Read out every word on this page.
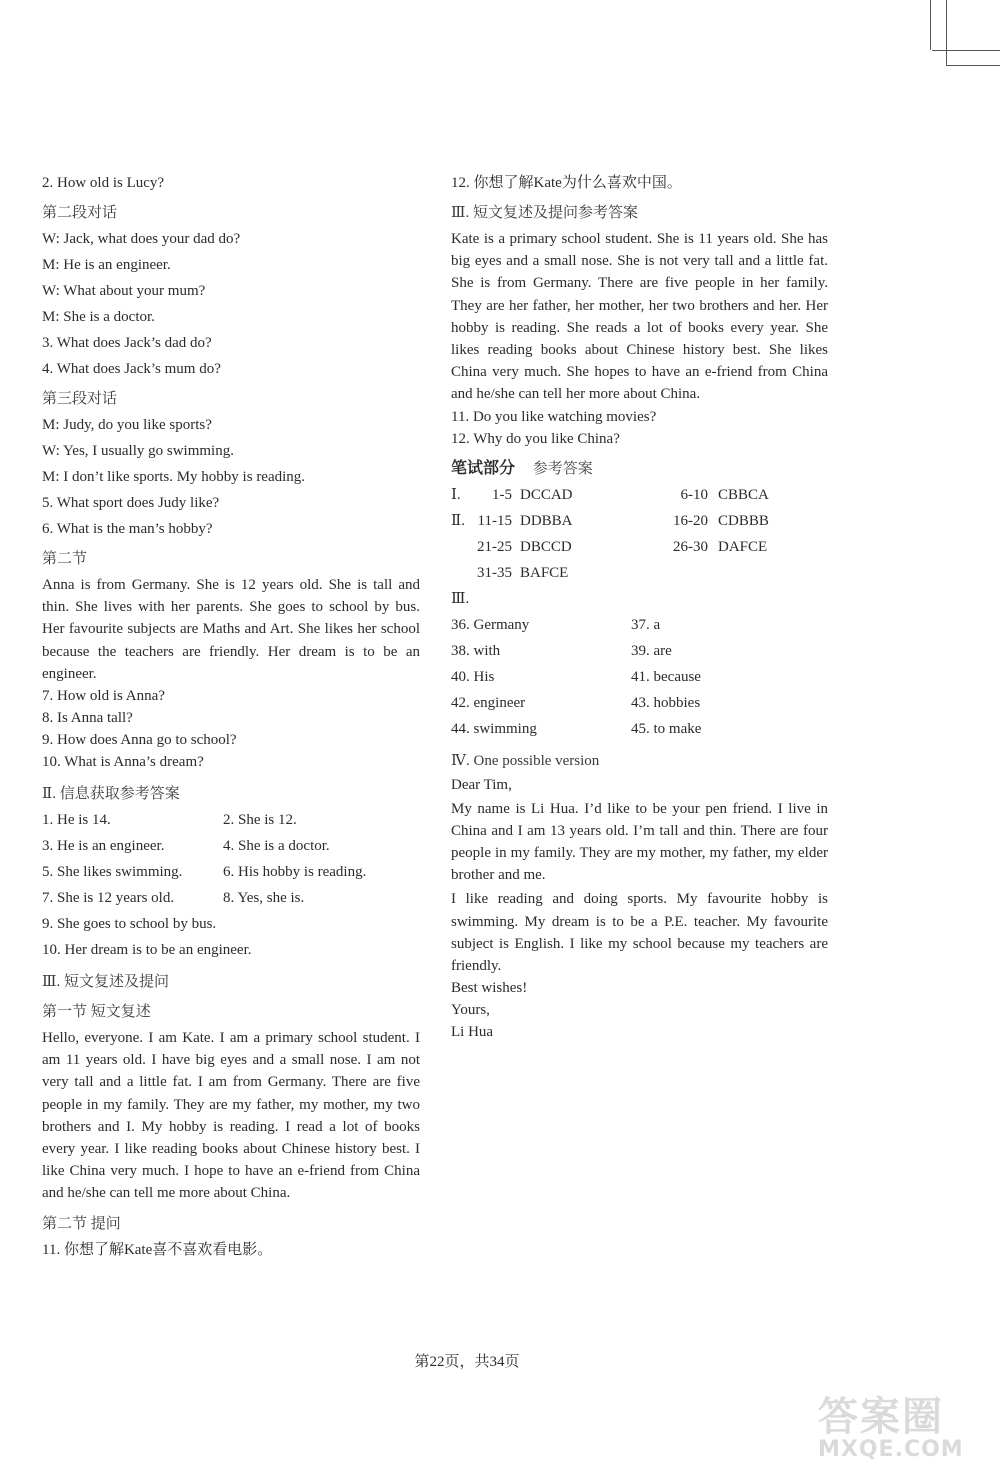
2. How old is Lucy?
第二段对话
W: Jack, what does your dad do?
M: He is an engineer.
W: What about your mum?
M: She is a doctor.
3. What does Jack’s dad do?
4. What does Jack’s mum do?
第三段对话
M: Judy, do you like sports?
W: Yes, I usually go swimming.
M: I don’t like sports. My hobby is reading.
5. What sport does Judy like?
6. What is the man’s hobby?
第二节

Anna is from Germany. She is 12 years old. She is tall and thin. She lives with her parents. She goes to school by bus. Her favourite subjects are Maths and Art. She likes her school because the teachers are friendly. Her dream is to be an engineer.

7. How old is Anna?
8. Is Anna tall?
9. How does Anna go to school?
10. What is Anna’s dream?
Ⅱ. 信息获取参考答案
1. He is 14.	2. She is 12.
3. He is an engineer.	4. She is a doctor.
5. She likes swimming.	6. His hobby is reading.
7. She is 12 years old.	8. Yes, she is.
9. She goes to school by bus.
10. Her dream is to be an engineer.
Ⅲ. 短文复述及提问
第一节 短文复述

Hello, everyone. I am Kate. I am a primary school student. I am 11 years old. I have big eyes and a small nose. I am not very tall and a little fat. I am from Germany. There are five people in my family. They are my father, my mother, my two brothers and I. My hobby is reading. I read a lot of books every year. I like reading books about Chinese history best. I like China very much. I hope to have an e-friend from China and he/she can tell me more about China.

第二节 提问
11. 你想了解Kate喜不喜欢看电影。
12. 你想了解Kate为什么喜欢中国。
Ⅲ. 短文复述及提问参考答案

Kate is a primary school student. She is 11 years old. She has big eyes and a small nose. She is not very tall and a little fat. She is from Germany. There are five people in her family. They are her father, her mother, her two brothers and her. Her hobby is reading. She reads a lot of books every year. She likes reading books about Chinese history best. She likes China very much. She hopes to have an e-friend from China and he/she can tell her more about China.

11. Do you like watching movies?
12. Why do you like China?
笔试部分 参考答案
Ⅰ.	1-5 DCCAD	6-10 CBBCA
Ⅱ. 11-15 DDBBA	16-20 CDBBB
21-25 DBCCD	26-30 DAFCE
31-35 BAFCE
Ⅲ.
36. Germany	37. a
38. with	39. are
40. His	41. because
42. engineer	43. hobbies
44. swimming	45. to make
Ⅳ. One possible version
Dear Tim,

My name is Li Hua. I’d like to be your pen friend. I live in China and I am 13 years old. I’m tall and thin. There are four people in my family. They are my mother, my father, my elder brother and me.

I like reading and doing sports. My favourite hobby is swimming. My dream is to be a P.E. teacher. My favourite subject is English. I like my school because my teachers are friendly.

Best wishes!
Yours,
Li Hua
第22页，共34页
答案圈
MXQE.COM
